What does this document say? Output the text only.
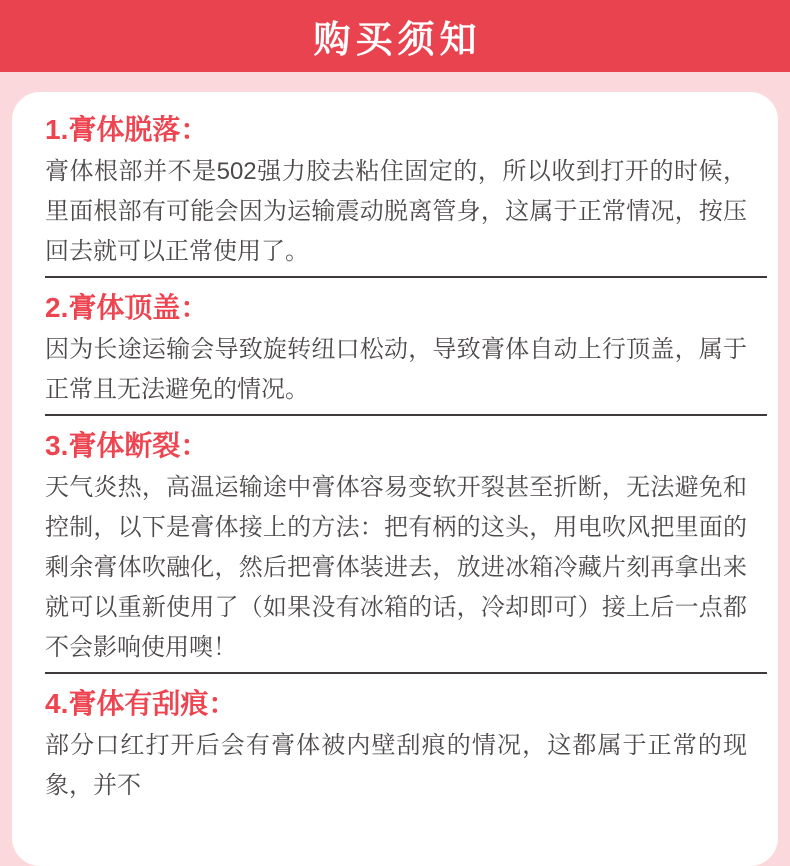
购买须知
1.膏体脱落：

膏体根部并不是502强力胶去粘住固定的，所以收到打开的时候，里面根部有可能会因为运输震动脱离管身，这属于正常情况，按压回去就可以正常使用了。

2.膏体顶盖：

因为长途运输会导致旋转纽口松动，导致膏体自动上行顶盖，属于正常且无法避免的情况。

3.膏体断裂：

天气炎热，高温运输途中膏体容易变软开裂甚至折断，无法避免和控制，以下是膏体接上的方法：把有柄的这头，用电吹风把里面的剩余膏体吹融化，然后把膏体装进去，放进冰箱冷藏片刻再拿出来就可以重新使用了（如果没有冰箱的话，冷却即可）接上后一点都不会影响使用噢！

4.膏体有刮痕：

部分口红打开后会有膏体被内壁刮痕的情况，这都属于正常的现象，并不
